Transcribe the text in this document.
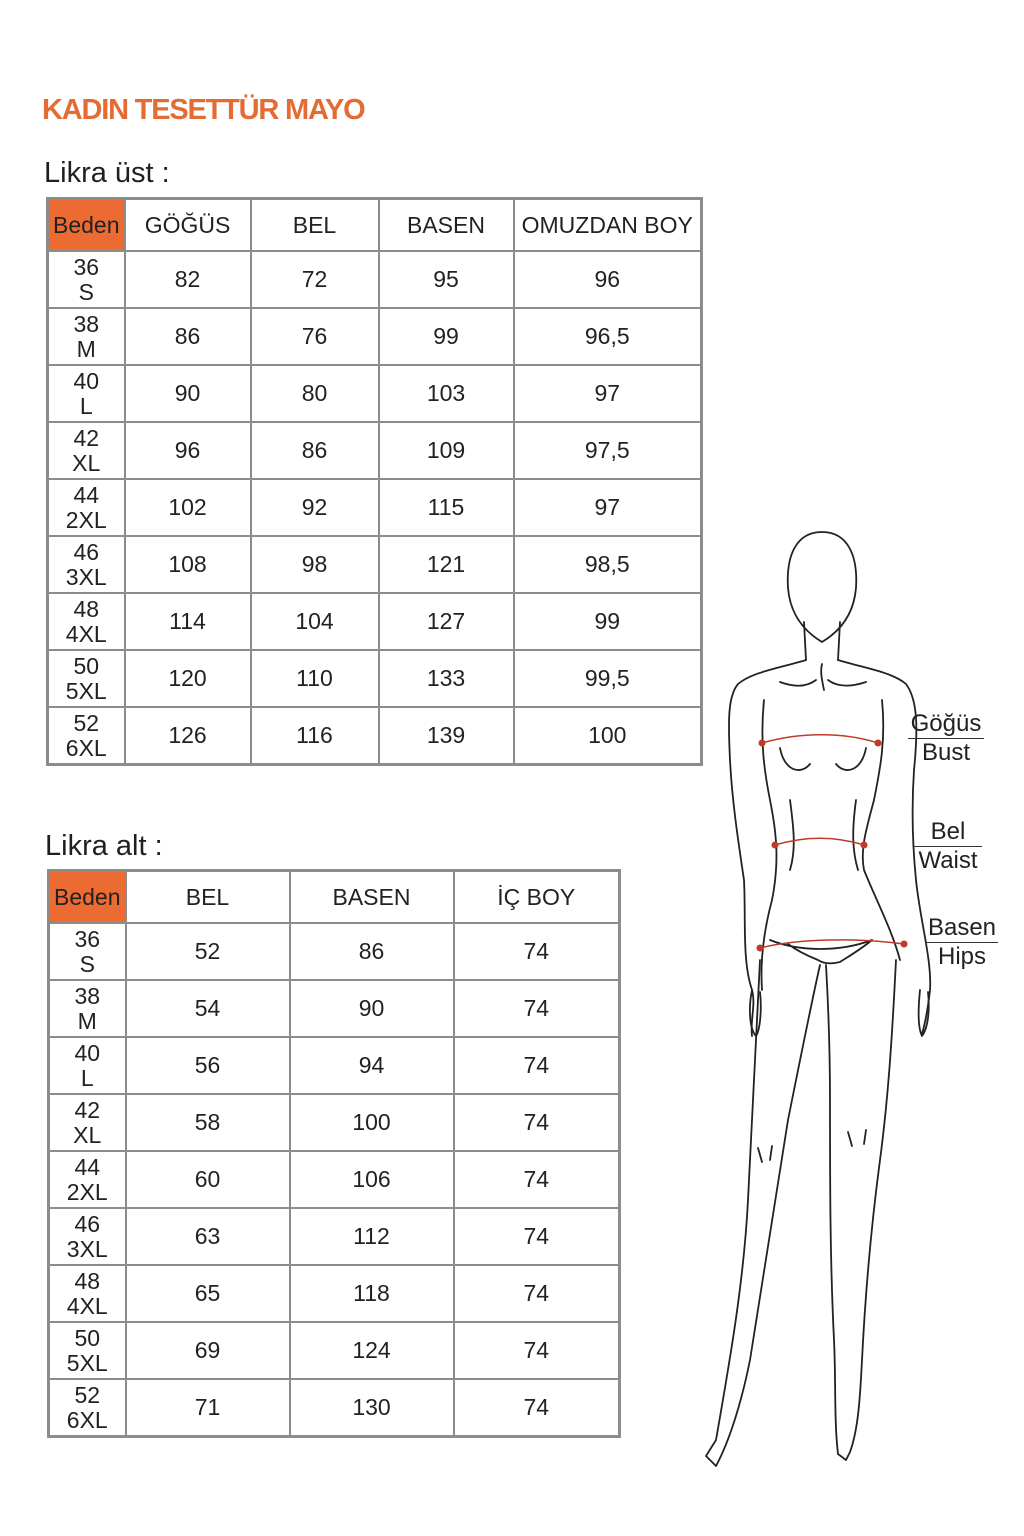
KADIN TESETTÜR MAYO
Likra üst :
Beden	GÖĞÜS	BEL	BASEN	OMUZDAN BOY

36
S	82	72	95	96

38
M	86	76	99	96,5

40
L	90	80	103	97

42
XL	96	86	109	97,5

44
2XL	102	92	115	97

46
3XL	108	98	121	98,5

48
4XL	114	104	127	99

50
5XL	120	110	133	99,5

52
6XL	126	116	139	100
Likra alt :
Beden	BEL	BASEN	İÇ BOY

36
S	52	86	74

38
M	54	90	74

40
L	56	94	74

42
XL	58	100	74

44
2XL	60	106	74

46
3XL	63	112	74

48
4XL	65	118	74

50
5XL	69	124	74

52
6XL	71	130	74
Göğüs
Bust
Bel
Waist
Basen
Hips
